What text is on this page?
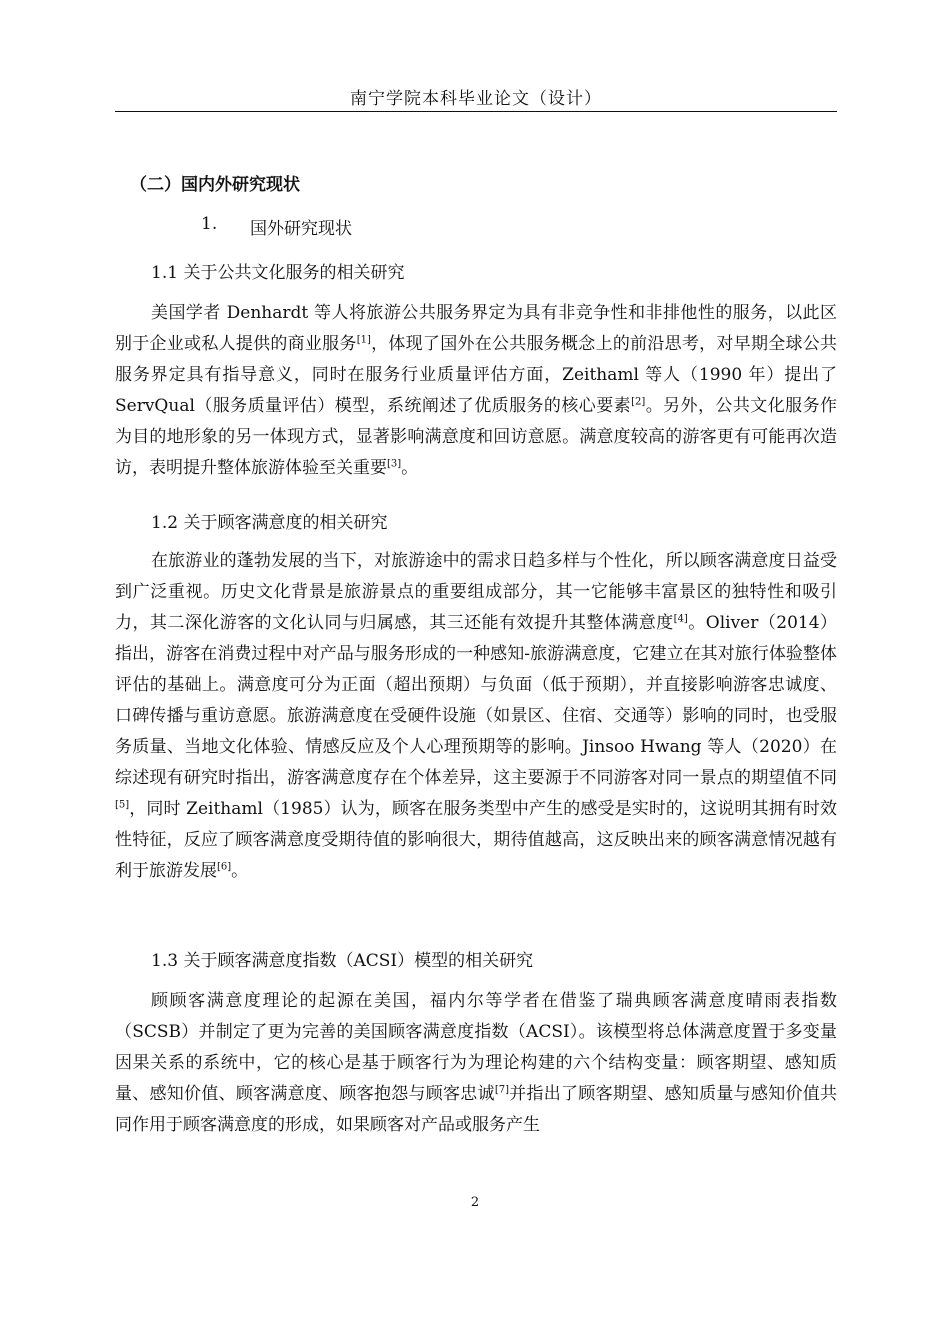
南宁学院本科毕业论文（设计）
（二）国内外研究现状
1. 国外研究现状
1.1 关于公共文化服务的相关研究
美国学者 Denhardt 等人将旅游公共服务界定为具有非竞争性和非排他性的服务，以此区别于企业或私人提供的商业服务[1]，体现了国外在公共服务概念上的前沿思考，对早期全球公共服务界定具有指导意义，同时在服务行业质量评估方面，Zeithaml 等人（1990 年）提出了 ServQual（服务质量评估）模型，系统阐述了优质服务的核心要素[2]。另外，公共文化服务作为目的地形象的另一体现方式，显著影响满意度和回访意愿。满意度较高的游客更有可能再次造访，表明提升整体旅游体验至关重要[3]。
1.2 关于顾客满意度的相关研究
在旅游业的蓬勃发展的当下，对旅游途中的需求日趋多样与个性化，所以顾客满意度日益受到广泛重视。历史文化背景是旅游景点的重要组成部分，其一它能够丰富景区的独特性和吸引力，其二深化游客的文化认同与归属感，其三还能有效提升其整体满意度[4]。Oliver（2014）指出，游客在消费过程中对产品与服务形成的一种感知-旅游满意度，它建立在其对旅行体验整体评估的基础上。满意度可分为正面（超出预期）与负面（低于预期），并直接影响游客忠诚度、口碑传播与重访意愿。旅游满意度在受硬件设施（如景区、住宿、交通等）影响的同时，也受服务质量、当地文化体验、情感反应及个人心理预期等的影响。Jinsoo Hwang 等人（2020）在综述现有研究时指出，游客满意度存在个体差异，这主要源于不同游客对同一景点的期望值不同[5]，同时 Zeithaml（1985）认为，顾客在服务类型中产生的感受是实时的，这说明其拥有时效性特征，反应了顾客满意度受期待值的影响很大，期待值越高，这反映出来的顾客满意情况越有利于旅游发展[6]。
1.3 关于顾客满意度指数（ACSI）模型的相关研究
顾顾客满意度理论的起源在美国，福内尔等学者在借鉴了瑞典顾客满意度晴雨表指数（SCSB）并制定了更为完善的美国顾客满意度指数（ACSI）。该模型将总体满意度置于多变量因果关系的系统中，它的核心是基于顾客行为为理论构建的六个结构变量：顾客期望、感知质量、感知价值、顾客满意度、顾客抱怨与顾客忠诚[7]并指出了顾客期望、感知质量与感知价值共同作用于顾客满意度的形成，如果顾客对产品或服务产生
2
